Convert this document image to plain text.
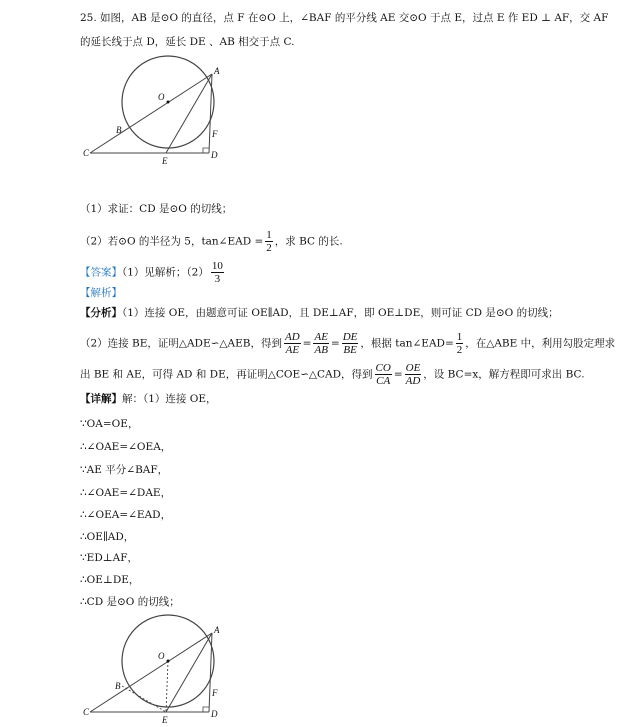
25. 如图，AB 是⊙O 的直径，点 F 在⊙O 上，∠BAF 的平分线 AE 交⊙O 于点 E，过点 E 作 ED ⊥ AF，交 AF
的延长线于点 D，延长 DE 、AB 相交于点 C.
A
O
B
C
E
F
D
（1）求证：CD 是⊙O 的切线；
（2）若⊙O 的半径为 5，tan∠EAD = $\frac{1}{2}$ ，求 BC 的长.
【答案】（1）见解析；$(2) \frac{10}{3}$
【解析】
【分析】（1）连接 OE，由题意可证 OE∥AD，且 DE⊥AF，即 OE⊥DE，则可证 CD 是⊙O 的切线；
（2）连接 BE，证明△ADE∽△AEB，得到 $\frac{AD}{AE} = \frac{AE}{AB} = \frac{DE}{BE}$ ，根据 tan∠EAD= $\frac{1}{2}$ ，在△ABE 中，利用勾股定理求
出 BE 和 AE，可得 AD 和 DE，再证明△COE∽△CAD，得到 $\frac{CO}{CA} = \frac{OE}{AD}$ ，设 BC=x，解方程即可求出 BC.
【详解】解：（1）连接 OE，
∵OA=OE，
∴∠OAE=∠OEA，
∵AE 平分∠BAF，
∴∠OAE=∠DAE，
∴∠OEA=∠EAD，
∴OE∥AD，
∵ED⊥AF，
∴OE⊥DE，
∴CD 是⊙O 的切线；
A
O
B
C
E
F
D
